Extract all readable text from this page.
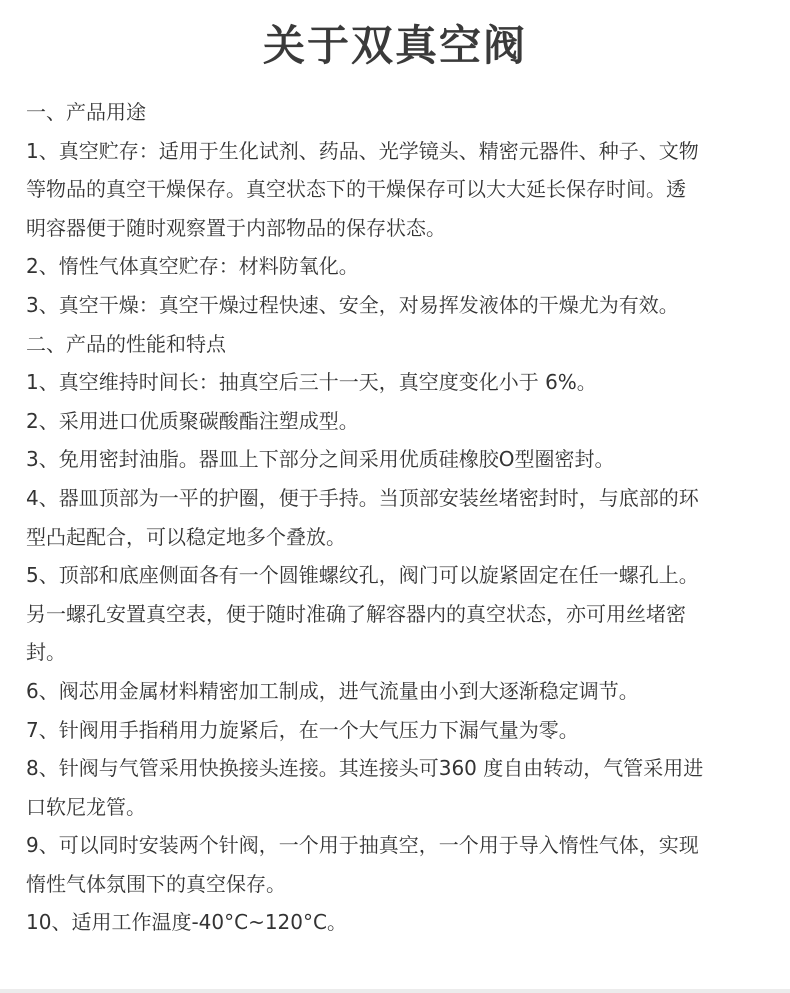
关于双真空阀
一、产品用途
1、真空贮存：适用于生化试剂、药品、光学镜头、精密元器件、种子、文物
等物品的真空干燥保存。真空状态下的干燥保存可以大大延长保存时间。透
明容器便于随时观察置于内部物品的保存状态。
2、惰性气体真空贮存：材料防氧化。
3、真空干燥：真空干燥过程快速、安全，对易挥发液体的干燥尤为有效。
二、产品的性能和特点
1、真空维持时间长：抽真空后三十一天，真空度变化小于 6%。
2、采用进口优质聚碳酸酯注塑成型。
3、免用密封油脂。器皿上下部分之间采用优质硅橡胶O型圈密封。
4、器皿顶部为一平的护圈，便于手持。当顶部安装丝堵密封时，与底部的环
型凸起配合，可以稳定地多个叠放。
5、顶部和底座侧面各有一个圆锥螺纹孔，阀门可以旋紧固定在任一螺孔上。
另一螺孔安置真空表，便于随时准确了解容器内的真空状态，亦可用丝堵密
封。
6、阀芯用金属材料精密加工制成，进气流量由小到大逐渐稳定调节。
7、针阀用手指稍用力旋紧后，在一个大气压力下漏气量为零。
8、针阀与气管采用快换接头连接。其连接头可360 度自由转动，气管采用进
口软尼龙管。
9、可以同时安装两个针阀，一个用于抽真空，一个用于导入惰性气体，实现
惰性气体氛围下的真空保存。
10、适用工作温度-40°C~120°C。
